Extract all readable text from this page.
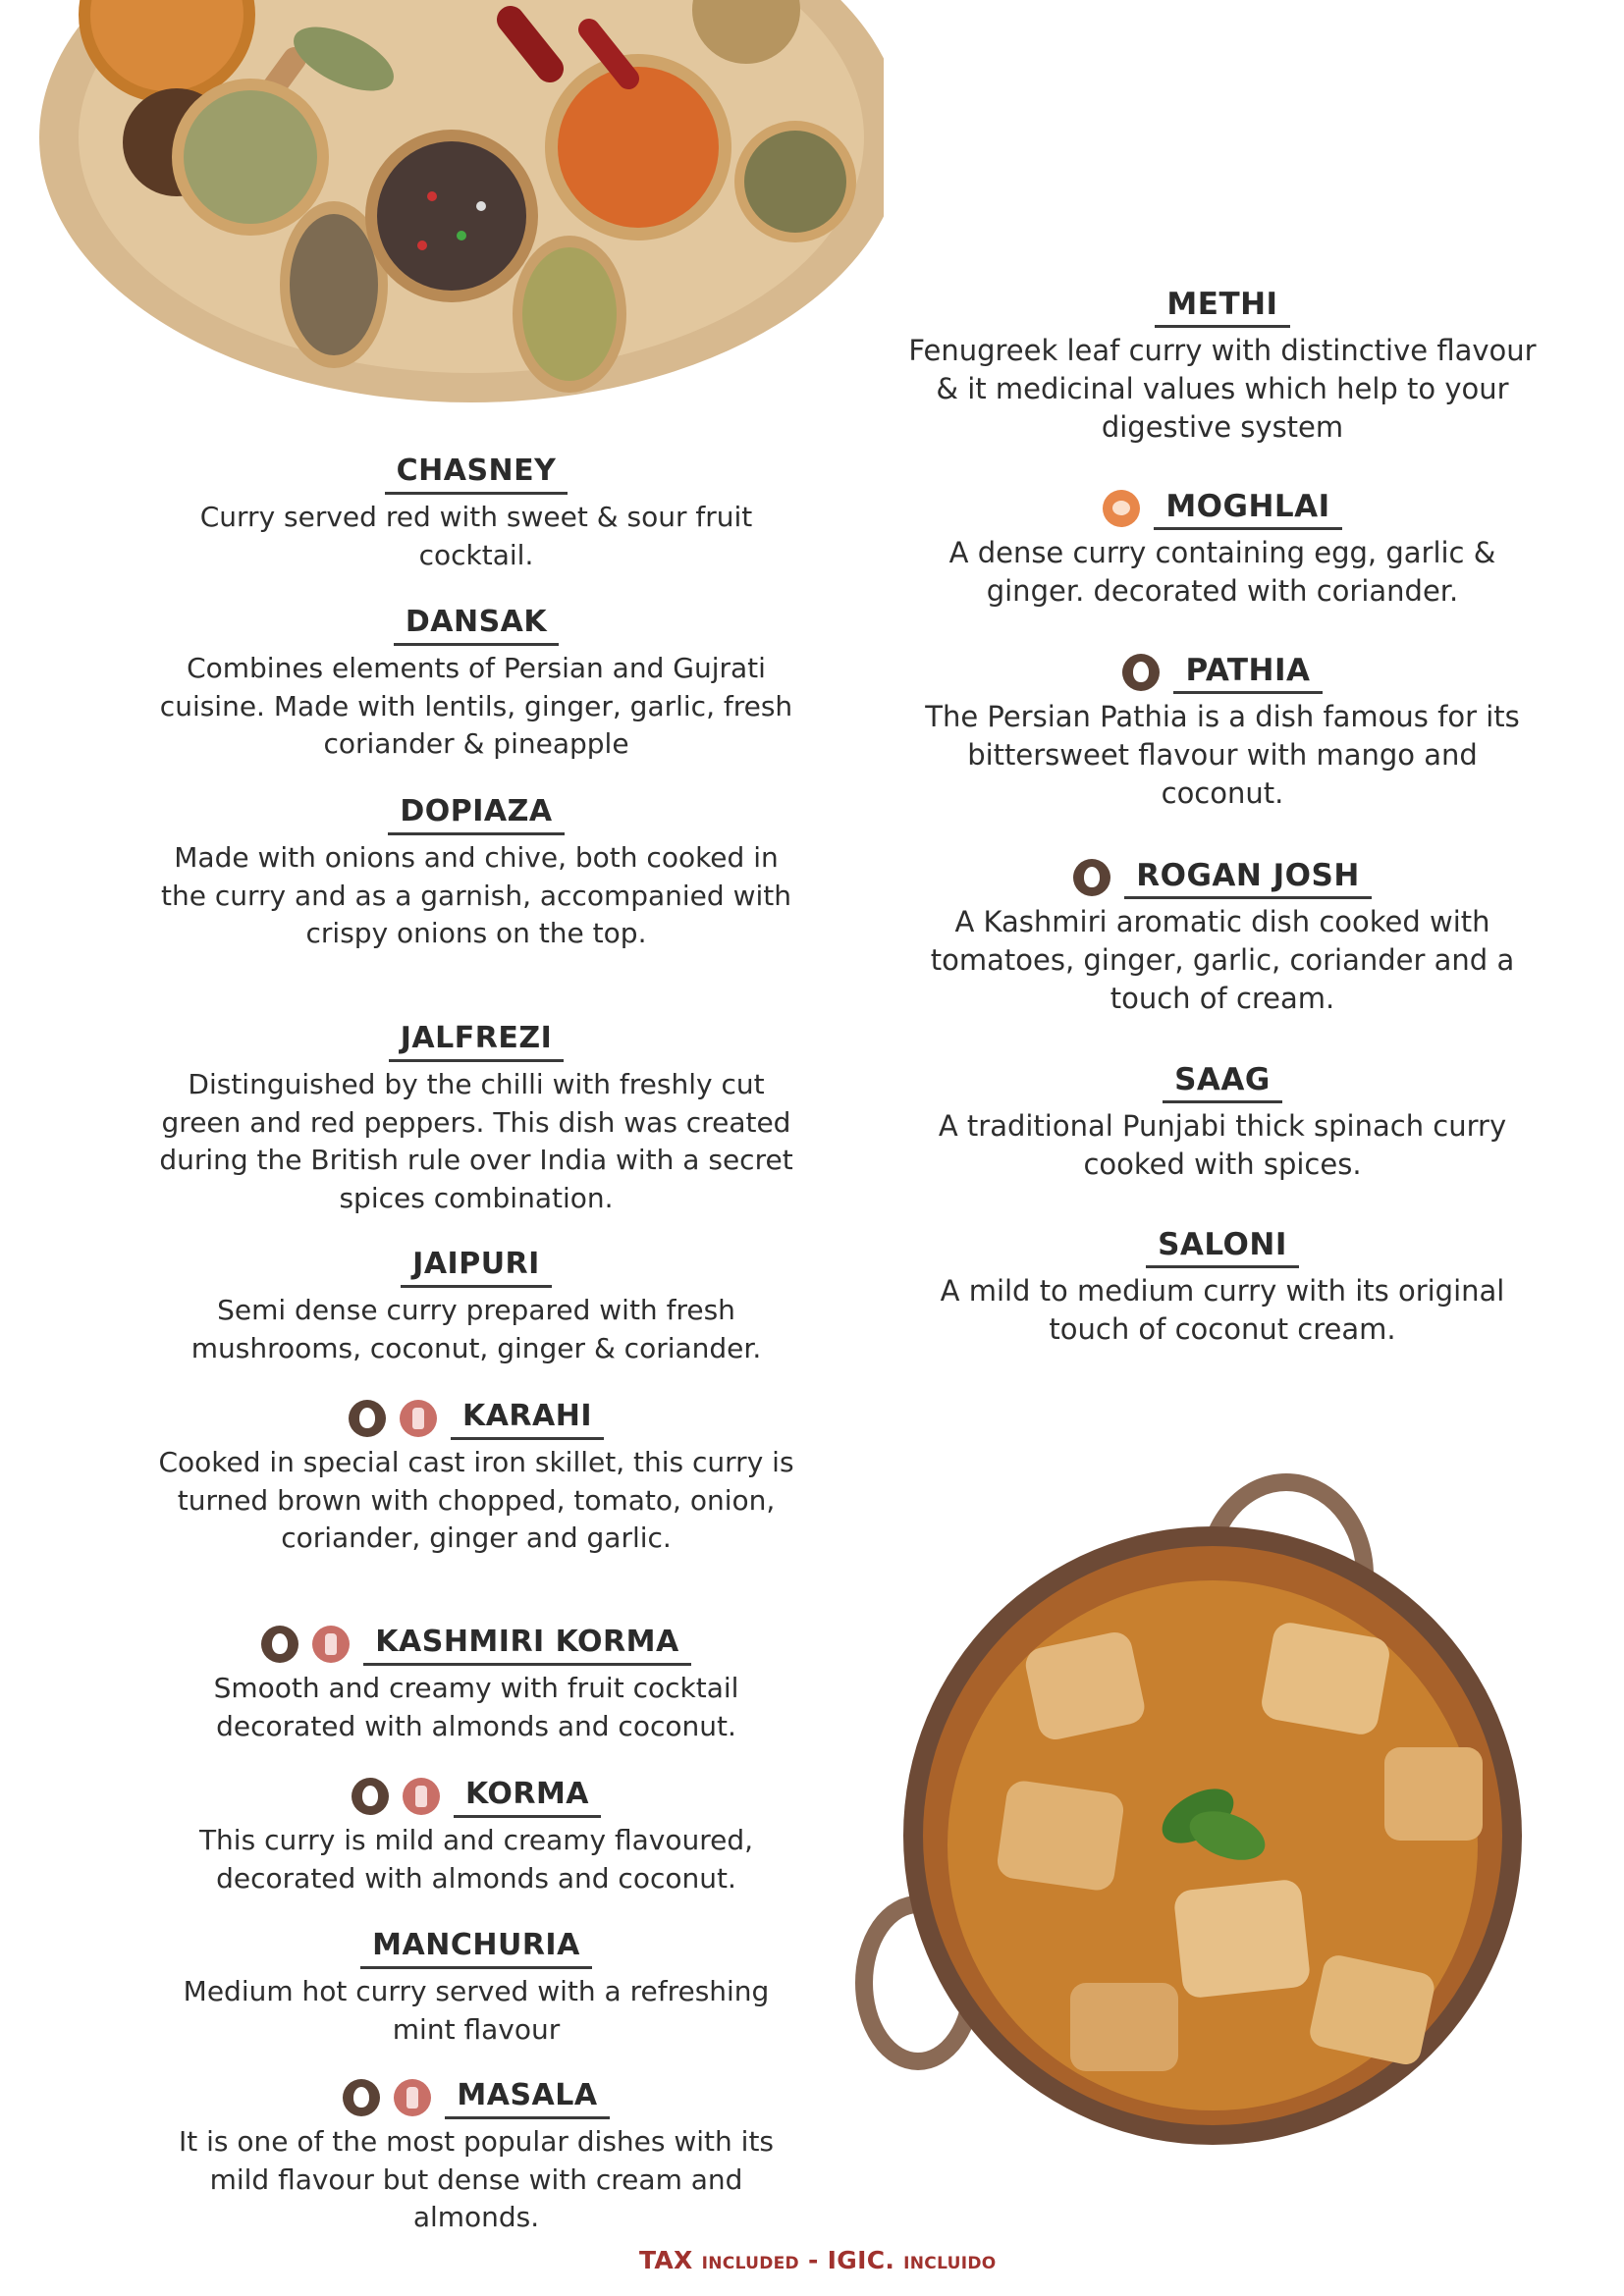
CHASNEY

Curry served red with sweet & sour fruit cocktail.

DANSAK

Combines elements of Persian and Gujrati cuisine. Made with lentils, ginger, garlic, fresh coriander & pineapple

DOPIAZA

Made with onions and chive, both cooked in the curry and as a garnish, accompanied with crispy onions on the top.

JALFREZI

Distinguished by the chilli with freshly cut green and red peppers. This dish was created during the British rule over India with a secret spices combination.

JAIPURI

Semi dense curry prepared with fresh mushrooms, coconut, ginger & coriander.

KARAHI

Cooked in special cast iron skillet, this curry is turned brown with chopped, tomato, onion, coriander, ginger and garlic.

KASHMIRI KORMA

Smooth and creamy with fruit cocktail decorated with almonds and coconut.

KORMA

This curry is mild and creamy flavoured, decorated with almonds and coconut.

MANCHURIA

Medium hot curry served with a refreshing mint flavour

MASALA

It is one of the most popular dishes with its mild flavour but dense with cream and almonds.

METHI

Fenugreek leaf curry with distinctive flavour & it medicinal values which help to your digestive system

MOGHLAI

A dense curry containing egg, garlic & ginger. decorated with coriander.

PATHIA

The Persian Pathia is a dish famous for its bittersweet flavour with mango and coconut.

ROGAN JOSH

A Kashmiri aromatic dish cooked with tomatoes, ginger, garlic, coriander and a touch of cream.

SAAG

A traditional Punjabi thick spinach curry cooked with spices.

SALONI

A mild to medium curry with its original touch of coconut cream.

TAX INCLUDED - IGIC. INCLUIDO
